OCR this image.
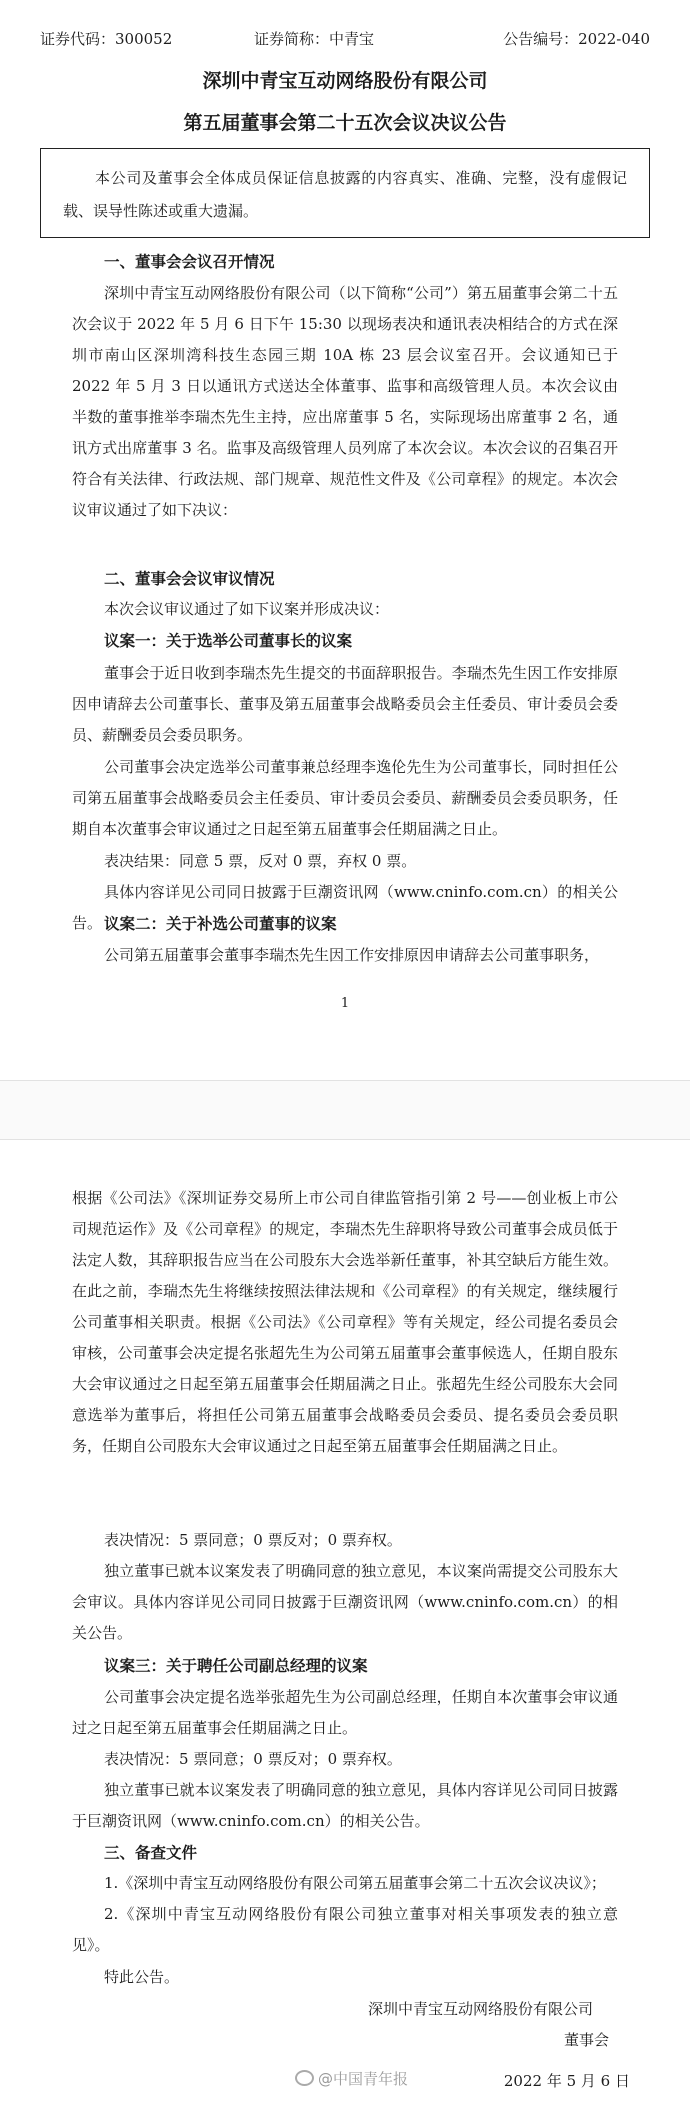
证券代码：300052	证券简称：中青宝	公告编号：2022-040
深圳中青宝互动网络股份有限公司
第五届董事会第二十五次会议决议公告
本公司及董事会全体成员保证信息披露的内容真实、准确、完整，没有虚假记载、误导性陈述或重大遗漏。

一、董事会会议召开情况

深圳中青宝互动网络股份有限公司（以下简称“公司”）第五届董事会第二十五次会议于 2022 年 5 月 6 日下午 15:30 以现场表决和通讯表决相结合的方式在深圳市南山区深圳湾科技生态园三期 10A 栋 23 层会议室召开。会议通知已于 2022 年 5 月 3 日以通讯方式送达全体董事、监事和高级管理人员。本次会议由半数的董事推举李瑞杰先生主持，应出席董事 5 名，实际现场出席董事 2 名，通讯方式出席董事 3 名。监事及高级管理人员列席了本次会议。本次会议的召集召开符合有关法律、行政法规、部门规章、规范性文件及《公司章程》的规定。本次会议审议通过了如下决议：

二、董事会会议审议情况

本次会议审议通过了如下议案并形成决议：

议案一：关于选举公司董事长的议案

董事会于近日收到李瑞杰先生提交的书面辞职报告。李瑞杰先生因工作安排原因申请辞去公司董事长、董事及第五届董事会战略委员会主任委员、审计委员会委员、薪酬委员会委员职务。

公司董事会决定选举公司董事兼总经理李逸伦先生为公司董事长，同时担任公司第五届董事会战略委员会主任委员、审计委员会委员、薪酬委员会委员职务，任期自本次董事会审议通过之日起至第五届董事会任期届满之日止。

表决结果：同意 5 票，反对 0 票，弃权 0 票。

具体内容详见公司同日披露于巨潮资讯网（www.cninfo.com.cn）的相关公告。 议案二：关于补选公司董事的议案

公司第五届董事会董事李瑞杰先生因工作安排原因申请辞去公司董事职务，

1

根据《公司法》《深圳证券交易所上市公司自律监管指引第 2 号——创业板上市公司规范运作》及《公司章程》的规定，李瑞杰先生辞职将导致公司董事会成员低于法定人数，其辞职报告应当在公司股东大会选举新任董事，补其空缺后方能生效。在此之前，李瑞杰先生将继续按照法律法规和《公司章程》的有关规定，继续履行公司董事相关职责。根据《公司法》《公司章程》等有关规定，经公司提名委员会审核，公司董事会决定提名张超先生为公司第五届董事会董事候选人，任期自股东大会审议通过之日起至第五届董事会任期届满之日止。张超先生经公司股东大会同意选举为董事后，将担任公司第五届董事会战略委员会委员、提名委员会委员职务，任期自公司股东大会审议通过之日起至第五届董事会任期届满之日止。

表决情况：5 票同意；0 票反对；0 票弃权。

独立董事已就本议案发表了明确同意的独立意见，本议案尚需提交公司股东大会审议。具体内容详见公司同日披露于巨潮资讯网（www.cninfo.com.cn）的相关公告。

议案三：关于聘任公司副总经理的议案

公司董事会决定提名选举张超先生为公司副总经理，任期自本次董事会审议通过之日起至第五届董事会任期届满之日止。

表决情况：5 票同意；0 票反对；0 票弃权。

独立董事已就本议案发表了明确同意的独立意见，具体内容详见公司同日披露于巨潮资讯网（www.cninfo.com.cn）的相关公告。

三、备查文件

1.《深圳中青宝互动网络股份有限公司第五届董事会第二十五次会议决议》；

2.《深圳中青宝互动网络股份有限公司独立董事对相关事项发表的独立意见》。

特此公告。

深圳中青宝互动网络股份有限公司
董事会
2022 年 5 月 6 日
@中国青年报
